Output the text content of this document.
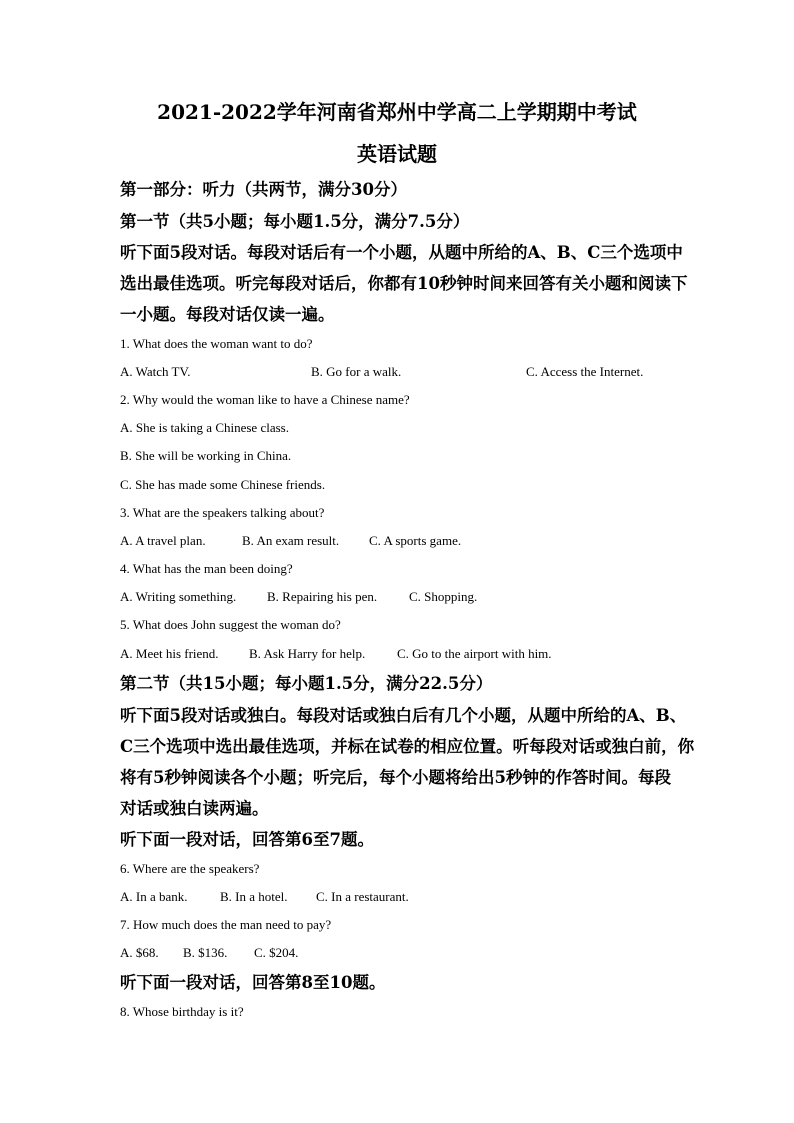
2021-2022学年河南省郑州中学高二上学期期中考试
英语试题
第一部分：听力（共两节，满分30分）
第一节（共5小题；每小题1.5分，满分7.5分）
听下面5段对话。每段对话后有一个小题，从题中所给的A、B、C三个选项中
选出最佳选项。听完每段对话后，你都有10秒钟时间来回答有关小题和阅读下
一小题。每段对话仅读一遍。
1. What does the woman want to do?
A. Watch TV.	B. Go for a walk.	C. Access the Internet.
2. Why would the woman like to have a Chinese name?
A. She is taking a Chinese class.
B. She will be working in China.
C. She has made some Chinese friends.
3. What are the speakers talking about?
A. A travel plan.	B. An exam result. C. A sports game.
4. What has the man been doing?
A. Writing something. B. Repairing his pen. C. Shopping.
5. What does John suggest the woman do?
A. Meet his friend. B. Ask Harry for help. C. Go to the airport with him.
第二节（共15小题；每小题1.5分，满分22.5分）
听下面5段对话或独白。每段对话或独白后有几个小题，从题中所给的A、B、
C三个选项中选出最佳选项，并标在试卷的相应位置。听每段对话或独白前，你
将有5秒钟阅读各个小题；听完后，每个小题将给出5秒钟的作答时间。每段
对话或独白读两遍。
听下面一段对话，回答第6至7题。
6. Where are the speakers?
A. In a bank. B. In a hotel. C. In a restaurant.
7. How much does the man need to pay?
A. $68. B. $136. C. $204.
听下面一段对话，回答第8至10题。
8. Whose birthday is it?
